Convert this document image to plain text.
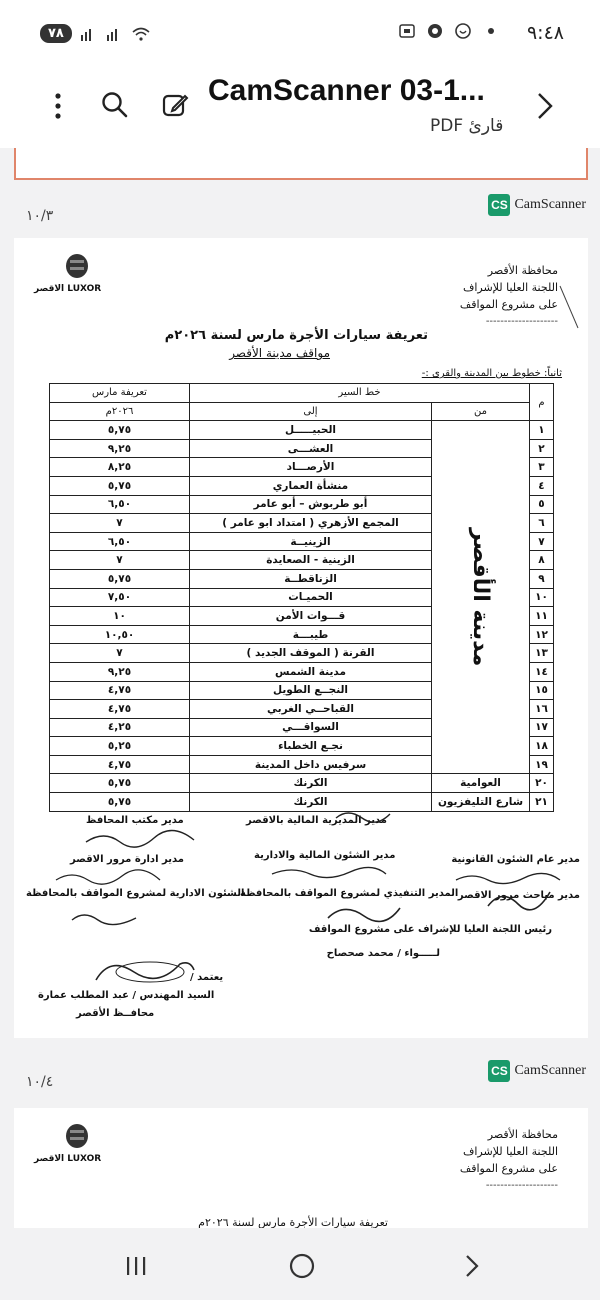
٧٨	٩:٤٨
CamScanner 03-1...
قارئ PDF
١٠/٣
CS CamScanner
الاقصر LUXOR
محافظة الأقصر
اللجنة العليا للإشراف
على مشروع المواقف
--------------------
تعريفة سيارات الأجرة مارس لسنة ٢٠٢٦م
مواقف مدينة الأقصر
ثانياً: خطوط بين المدينة والقرى :-
م	خط السير		تعريفة مارس
	من	إلى	٢٠٢٦م
١	مدينة الأقصر	الحبيـــــل	٥,٧٥
٢		العشـــى	٩,٢٥
٣		الأرصـــاد	٨,٢٥
٤		منشأة العماري	٥,٧٥
٥		أبو طربوش – أبو عامر	٦,٥٠
٦		المجمع الأزهري ( امتداد ابو عامر )	٧
٧		الزينيــة	٦,٥٠
٨		الزينية - الصعايدة	٧
٩		الزناقطــة	٥,٧٥
١٠		الحميـات	٧,٥٠
١١		قـــوات الأمن	١٠
١٢		طيبـــة	١٠,٥٠
١٣		القرنة ( الموقف الجديد )	٧
١٤		مدينة الشمس	٩,٢٥
١٥		النجــع الطويل	٤,٧٥
١٦		القباحــي الغربي	٤,٧٥
١٧		السواقـــي	٤,٢٥
١٨		نجـع الخطباء	٥,٢٥
١٩		سرفيس داخل المدينة	٤,٧٥
٢٠	العوامية	الكرنك	٥,٧٥
٢١	شارع التليفزيون	الكرنك	٥,٧٥
مدير مكتب المحافظ	مدير المديرية المالية بالاقصر
مدير ادارة مرور الاقصر	مدير الشئون المالية والادارية	مدير عام الشئون القانونية
الشئون الادارية لمشروع المواقف بالمحافظة
المدير التنفيذي لمشروع المواقف بالمحافظة مدير مباحث مرور الاقصر
رئيس اللجنة العليا للإشراف على مشروع المواقف
لـــــواء / محمد صحصاح
يعتمد /
السيد المهندس / عبد المطلب عمارة
محافــظ الأقصر
١٠/٤
CS CamScanner
الاقصر LUXOR
محافظة الأقصر
اللجنة العليا للإشراف
على مشروع المواقف
--------------------
تعريفة سيارات الأجرة مارس لسنة ٢٠٢٦م
